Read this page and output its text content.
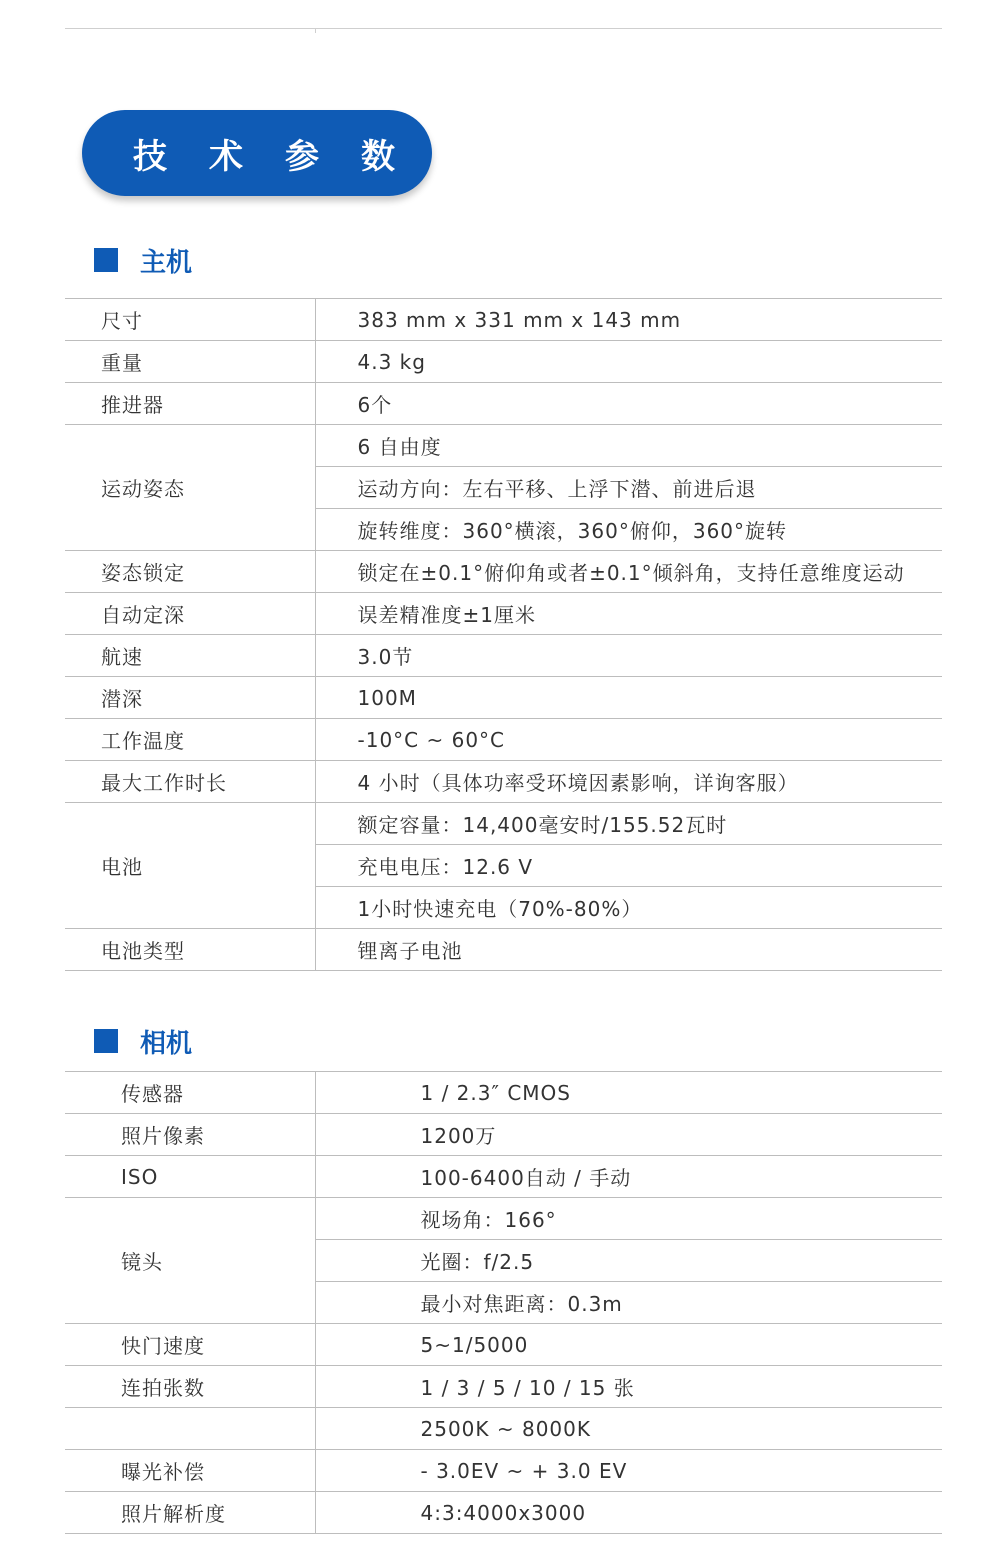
技	术	参	数
主机
尺寸	383 mm x 331 mm x 143 mm
重量	4.3 kg
推进器	6个
运动姿态	6 自由度
	运动方向：左右平移、上浮下潜、前进后退
	旋转维度：360°横滚，360°俯仰，360°旋转
姿态锁定	锁定在±0.1°俯仰角或者±0.1°倾斜角，支持任意维度运动
自动定深	误差精准度±1厘米
航速	3.0节
潜深	100M
工作温度	-10°C ~ 60°C
最大工作时长	4 小时（具体功率受环境因素影响，详询客服）
电池	额定容量：14,400毫安时/155.52瓦时
	充电电压：12.6 V
	1小时快速充电（70%-80%）
电池类型	锂离子电池
相机
传感器	1 / 2.3″ CMOS
照片像素	1200万
ISO	100-6400自动 / 手动
镜头	视场角：166°
	光圈：f/2.5
	最小对焦距离：0.3m
快门速度	5~1/5000
连拍张数	1 / 3 / 5 / 10 / 15 张
	2500K ~ 8000K
曝光补偿	- 3.0EV ~ + 3.0 EV
照片解析度	4:3:4000x3000
